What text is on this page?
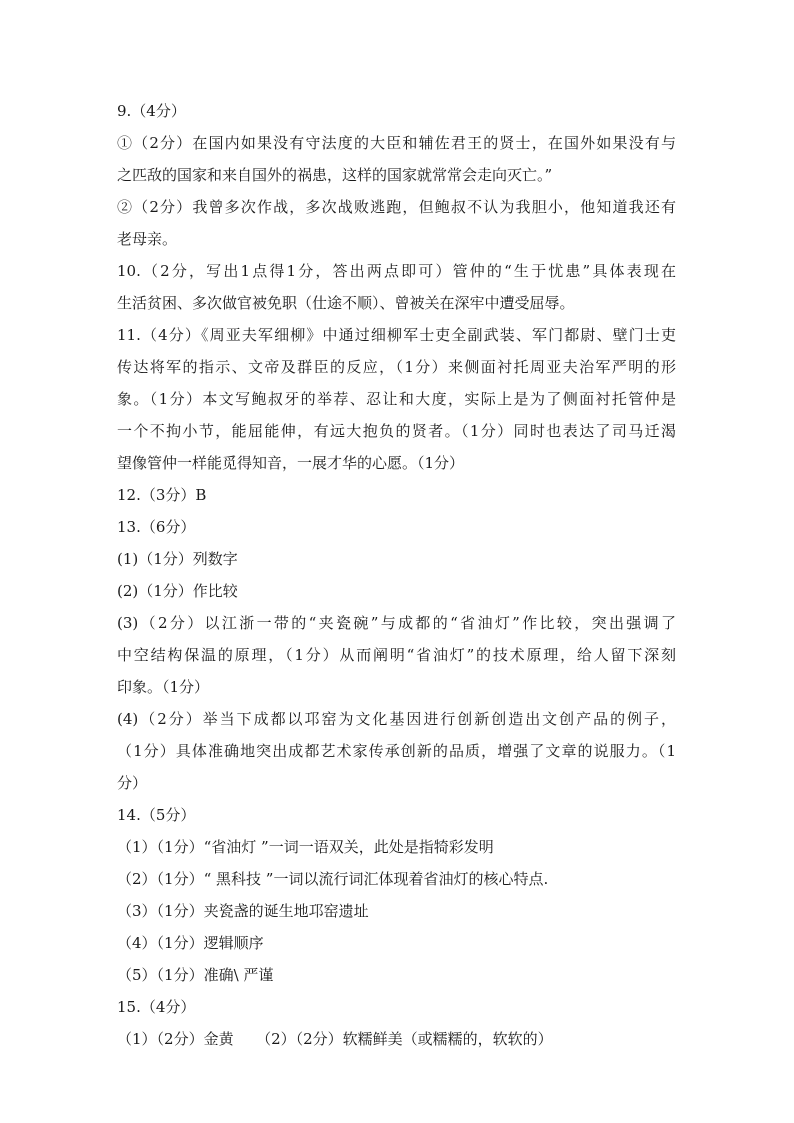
9.（4分）
①（2分）在国内如果没有守法度的大臣和辅佐君王的贤士，在国外如果没有与
之匹敌的国家和来自国外的祸患，这样的国家就常常会走向灭亡。”
②（2分）我曾多次作战，多次战败逃跑，但鲍叔不认为我胆小，他知道我还有
老母亲。
10.（2分，写出1点得1分，答出两点即可）管仲的“生于忧患”具体表现在
生活贫困、多次做官被免职（仕途不顺）、曾被关在深牢中遭受屈辱。
11.（4分）《周亚夫军细柳》中通过细柳军士吏全副武装、军门都尉、壁门士吏
传达将军的指示、文帝及群臣的反应，（1分）来侧面衬托周亚夫治军严明的形
象。（1分）本文写鲍叔牙的举荐、忍让和大度，实际上是为了侧面衬托管仲是
一个不拘小节，能屈能伸，有远大抱负的贤者。（1分）同时也表达了司马迁渴
望像管仲一样能觅得知音，一展才华的心愿。（1分）
12.（3分）B
13.（6分）
(1)（1分）列数字
(2)（1分）作比较
(3)（2分）以江浙一带的“夹瓷碗”与成都的“省油灯”作比较，突出强调了
中空结构保温的原理，（1分）从而阐明“省油灯”的技术原理，给人留下深刻
印象。（1分）
(4)（2分）举当下成都以邛窑为文化基因进行创新创造出文创产品的例子，
（1分）具体准确地突出成都艺术家传承创新的品质，增强了文章的说服力。（1
分）
14.（5分）
（1）（1分）“省油灯 ”一词一语双关，此处是指犄彩发明
（2）（1分）“ 黑科技 ”一词以流行词汇体现着省油灯的核心特点.
（3）（1分）夹瓷盏的诞生地邛窑遗址
（4）（1分）逻辑顺序
（5）（1分）准确\ 严谨
15.（4分）
（1）（2分）金黄　　（2）（2分）软糯鲜美（或糯糯的，软软的）
